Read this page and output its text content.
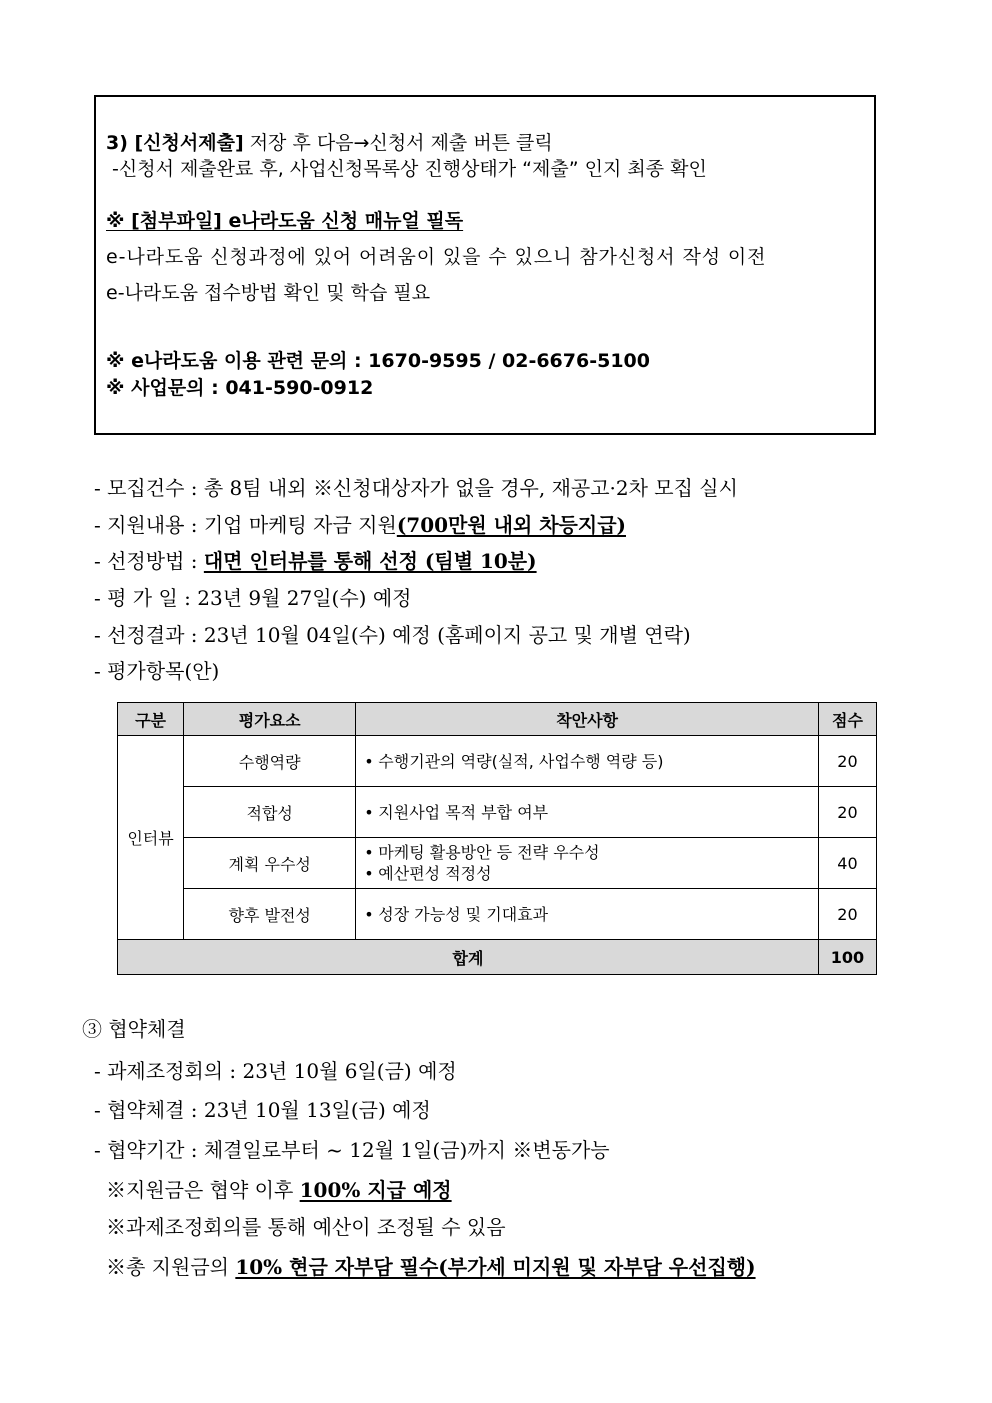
3) [신청서제출] 저장 후 다음→신청서 제출 버튼 클릭
-신청서 제출완료 후, 사업신청목록상 진행상태가 “제출” 인지 최종 확인
※ [첨부파일] e나라도움 신청 매뉴얼 필독
e-나라도움 신청과정에 있어 어려움이 있을 수 있으니 참가신청서 작성 이전
e-나라도움 접수방법 확인 및 학습 필요
※ e나라도움 이용 관련 문의 : 1670-9595 / 02-6676-5100
※ 사업문의 : 041-590-0912
- 모집건수 : 총 8팀 내외 ※신청대상자가 없을 경우, 재공고·2차 모집 실시
- 지원내용 : 기업 마케팅 자금 지원(700만원 내외 차등지급)
- 선정방법 : 대면 인터뷰를 통해 선정 (팀별 10분)
- 평 가 일 : 23년 9월 27일(수) 예정
- 선정결과 : 23년 10월 04일(수) 예정 (홈페이지 공고 및 개별 연락)
- 평가항목(안)
구분	평가요소	착안사항	점수
인터뷰	수행역량	• 수행기관의 역량(실적, 사업수행 역량 등)	20
	적합성	• 지원사업 목적 부합 여부	20
	계획 우수성	• 마케팅 활용방안 등 전략 우수성
• 예산편성 적정성	40
	향후 발전성	• 성장 가능성 및 기대효과	20
합계			100
③ 협약체결
- 과제조정회의 : 23년 10월 6일(금) 예정
- 협약체결 : 23년 10월 13일(금) 예정
- 협약기간 : 체결일로부터 ~ 12월 1일(금)까지 ※변동가능
※지원금은 협약 이후 100% 지급 예정
※과제조정회의를 통해 예산이 조정될 수 있음
※총 지원금의 10% 현금 자부담 필수(부가세 미지원 및 자부담 우선집행)
